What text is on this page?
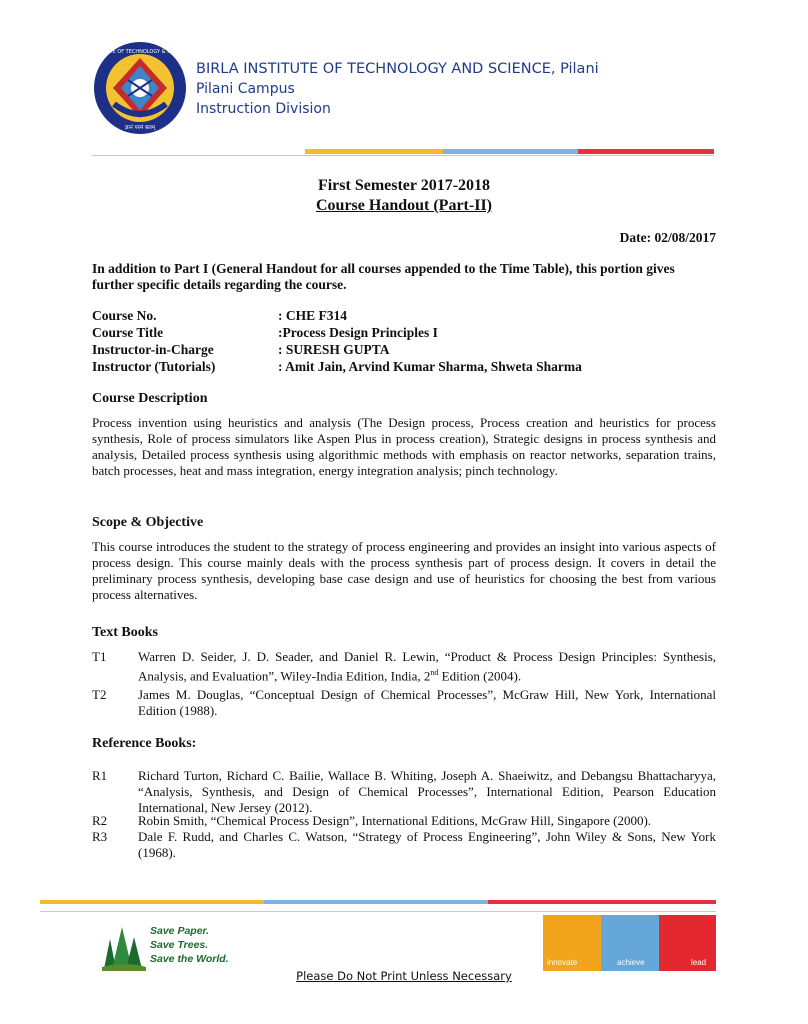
BIRLA INSTITUTE OF TECHNOLOGY & SCIENCE PILANI
ज्ञानं परमं बलम्
BIRLA INSTITUTE OF TECHNOLOGY AND SCIENCE, Pilani
Pilani Campus
Instruction Division
First Semester 2017-2018
Course Handout (Part-II)
Date: 02/08/2017
In addition to Part I (General Handout for all courses appended to the Time Table), this portion gives further specific details regarding the course.
Course No.	: CHE F314
Course Title	:Process Design Principles I
Instructor-in-Charge	: SURESH GUPTA
Instructor (Tutorials)	: Amit Jain, Arvind Kumar Sharma, Shweta Sharma
Course Description
Process invention using heuristics and analysis (The Design process, Process creation and heuristics for process synthesis, Role of process simulators like Aspen Plus in process creation), Strategic designs in process synthesis and analysis, Detailed process synthesis using algorithmic methods with emphasis on reactor networks, separation trains, batch processes, heat and mass integration, energy integration analysis; pinch technology.
Scope & Objective
This course introduces the student to the strategy of process engineering and provides an insight into various aspects of process design. This course mainly deals with the process synthesis part of process design. It covers in detail the preliminary process synthesis, developing base case design and use of heuristics for choosing the best from various process alternatives.
Text Books
T1 Warren D. Seider, J. D. Seader, and Daniel R. Lewin, “Product & Process Design Principles: Synthesis, Analysis, and Evaluation”, Wiley-India Edition, India, 2nd Edition (2004).
T2 James M. Douglas, “Conceptual Design of Chemical Processes”, McGraw Hill, New York, International Edition (1988).
Reference Books:
R1 Richard Turton, Richard C. Bailie, Wallace B. Whiting, Joseph A. Shaeiwitz, and Debangsu Bhattacharyya, “Analysis, Synthesis, and Design of Chemical Processes”, International Edition, Pearson Education International, New Jersey (2012).
R2 Robin Smith, “Chemical Process Design”, International Editions, McGraw Hill, Singapore (2000).
R3 Dale F. Rudd, and Charles C. Watson, “Strategy of Process Engineering”, John Wiley & Sons, New York (1968).
Save Paper.
Save Trees.
Save the World.	innovate	achieve	lead
Please Do Not Print Unless Necessary
